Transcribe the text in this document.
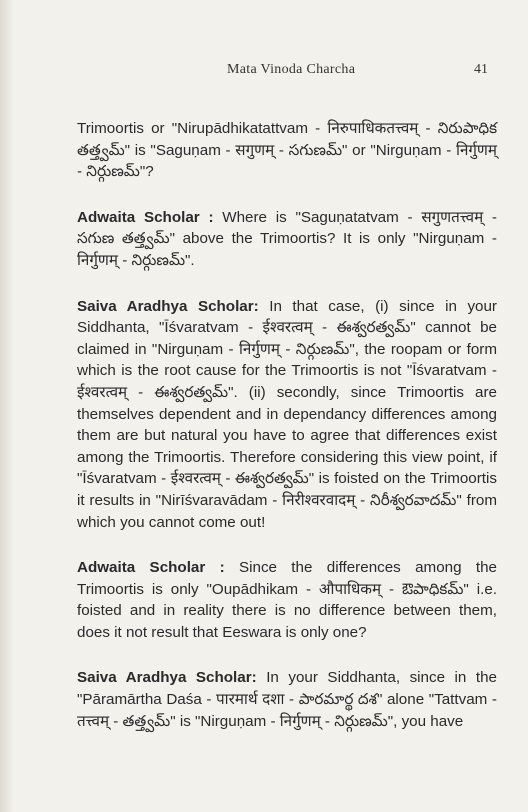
Mata Vinoda Charcha	41

Trimoortis or "Nirupādhikatattvam - निरुपाधिकतत्त्वम् - నిరుపాధిక తత్త్వమ్" is "Saguṇam - सगुणम् - సగుణమ్" or "Nirguṇam - निर्गुणम् - నిర్గుణమ్"?

Adwaita Scholar : Where is "Saguṇatatvam - सगुणतत्त्वम् - సగుణ తత్త్వమ్" above the Trimoortis? It is only "Nirguṇam - निर्गुणम् - నిర్గుణమ్".

Saiva Aradhya Scholar: In that case, (i) since in your Siddhanta, "Īśvaratvam - ईश्वरत्वम् - ఈశ్వరత్వమ్" cannot be claimed in "Nirguṇam - निर्गुणम् - నిర్గుణమ్", the roopam or form which is the root cause for the Trimoortis is not "Īśvaratvam - ईश्वरत्वम् - ఈశ్వరత్వమ్". (ii) secondly, since Trimoortis are themselves dependent and in dependancy differences among them are but natural you have to agree that differences exist among the Trimoortis. Therefore considering this view point, if "Īśvaratvam - ईश्वरत्वम् - ఈశ్వరత్వమ్" is foisted on the Trimoortis it results in "Nirīśvaravādam - निरीश्वरवादम् - నిరీశ్వరవాదమ్" from which you cannot come out!

Adwaita Scholar : Since the differences among the Trimoortis is only "Oupādhikam - औपाधिकम् - ఔపాధికమ్" i.e. foisted and in reality there is no difference between them, does it not result that Eeswara is only one?

Saiva Aradhya Scholar: In your Siddhanta, since in the "Pāramārtha Daśa - पारमार्थ दशा - పారమార్థ దశ" alone "Tattvam - तत्त्वम् - తత్త్వమ్" is "Nirguṇam - निर्गुणम् - నిర్గుణమ్", you have
